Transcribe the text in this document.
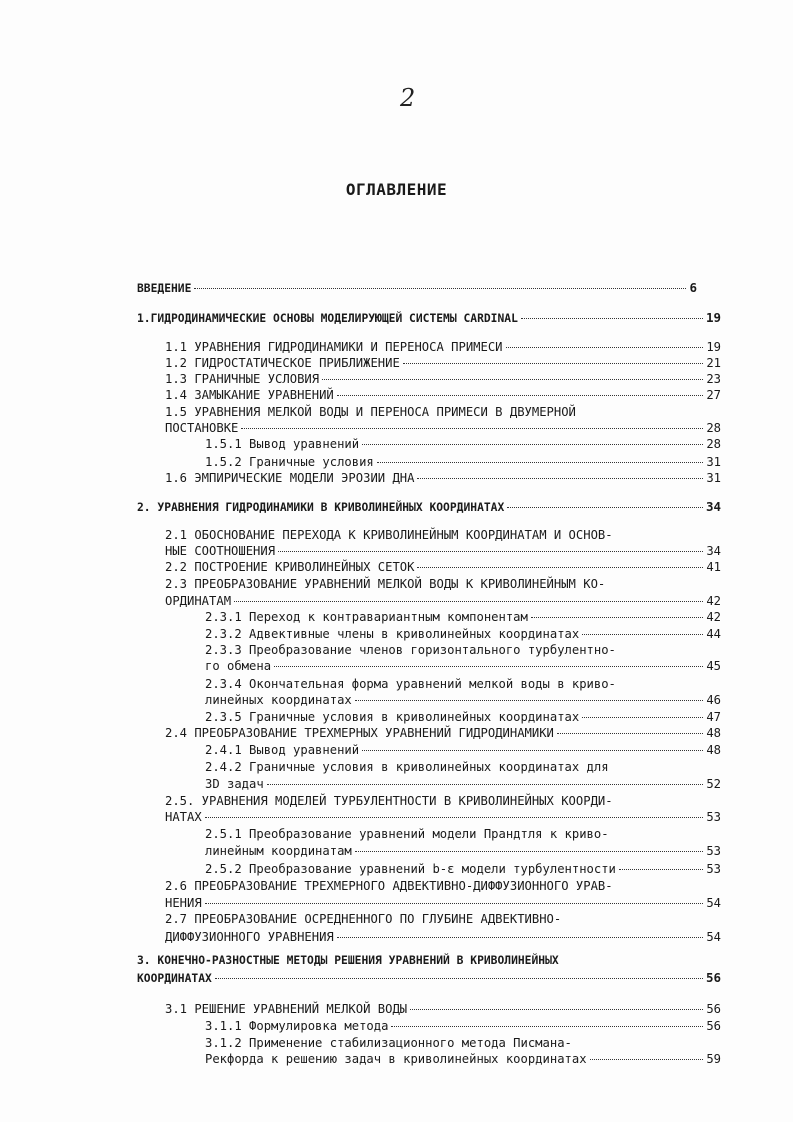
2
ОГЛАВЛЕНИЕ
ВВЕДЕНИЕ	6
1.ГИДРОДИНАМИЧЕСКИЕ ОСНОВЫ МОДЕЛИРУЮЩЕЙ СИСТЕМЫ CARDINAL	19
1.1 УРАВНЕНИЯ ГИДРОДИНАМИКИ И ПЕРЕНОСА ПРИМЕСИ	19
1.2 ГИДРОСТАТИЧЕСКОЕ ПРИБЛИЖЕНИЕ	21
1.3 ГРАНИЧНЫЕ УСЛОВИЯ	23
1.4 ЗАМЫКАНИЕ УРАВНЕНИЙ	27
1.5 УРАВНЕНИЯ МЕЛКОЙ ВОДЫ И ПЕРЕНОСА ПРИМЕСИ В ДВУМЕРНОЙ
ПОСТАНОВКЕ	28
1.5.1 Вывод уравнений	28
1.5.2 Граничные условия	31
1.6 ЭМПИРИЧЕСКИЕ МОДЕЛИ ЭРОЗИИ ДНА	31
2. УРАВНЕНИЯ ГИДРОДИНАМИКИ В КРИВОЛИНЕЙНЫХ КООРДИНАТАХ	34
2.1 ОБОСНОВАНИЕ ПЕРЕХОДА К КРИВОЛИНЕЙНЫМ КООРДИНАТАМ И ОСНОВ-
НЫЕ СООТНОШЕНИЯ	34
2.2 ПОСТРОЕНИЕ КРИВОЛИНЕЙНЫХ СЕТОК	41
2.3 ПРЕОБРАЗОВАНИЕ УРАВНЕНИЙ МЕЛКОЙ ВОДЫ К КРИВОЛИНЕЙНЫМ КО-
ОРДИНАТАМ	42
2.3.1 Переход к контравариантным компонентам	42
2.3.2 Адвективные члены в криволинейных координатах	44
2.3.3 Преобразование членов горизонтального турбулентно-
го обмена	45
2.3.4 Окончательная форма уравнений мелкой воды в криво-
линейных координатах	46
2.3.5 Граничные условия в криволинейных координатах	47
2.4 ПРЕОБРАЗОВАНИЕ ТРЕХМЕРНЫХ УРАВНЕНИЙ ГИДРОДИНАМИКИ	48
2.4.1 Вывод уравнений	48
2.4.2 Граничные условия в криволинейных координатах для
3D задач	52
2.5. УРАВНЕНИЯ МОДЕЛЕЙ ТУРБУЛЕНТНОСТИ В КРИВОЛИНЕЙНЫХ КООРДИ-
НАТАХ	53
2.5.1 Преобразование уравнений модели Прандтля к криво-
линейным координатам	53
2.5.2 Преобразование уравнений b-ε модели турбулентности	53
2.6 ПРЕОБРАЗОВАНИЕ ТРЕХМЕРНОГО АДВЕКТИВНО-ДИФФУЗИОННОГО УРАВ-
НЕНИЯ	54
2.7 ПРЕОБРАЗОВАНИЕ ОСРЕДНЕННОГО ПО ГЛУБИНЕ АДВЕКТИВНО-
ДИФФУЗИОННОГО УРАВНЕНИЯ	54
3. КОНЕЧНО-РАЗНОСТНЫЕ МЕТОДЫ РЕШЕНИЯ УРАВНЕНИЙ В КРИВОЛИНЕЙНЫХ
КООРДИНАТАХ	56
3.1 РЕШЕНИЕ УРАВНЕНИЙ МЕЛКОЙ ВОДЫ	56
3.1.1 Формулировка метода	56
3.1.2 Применение стабилизационного метода Писмана-
Рекфорда к решению задач в криволинейных координатах	59
